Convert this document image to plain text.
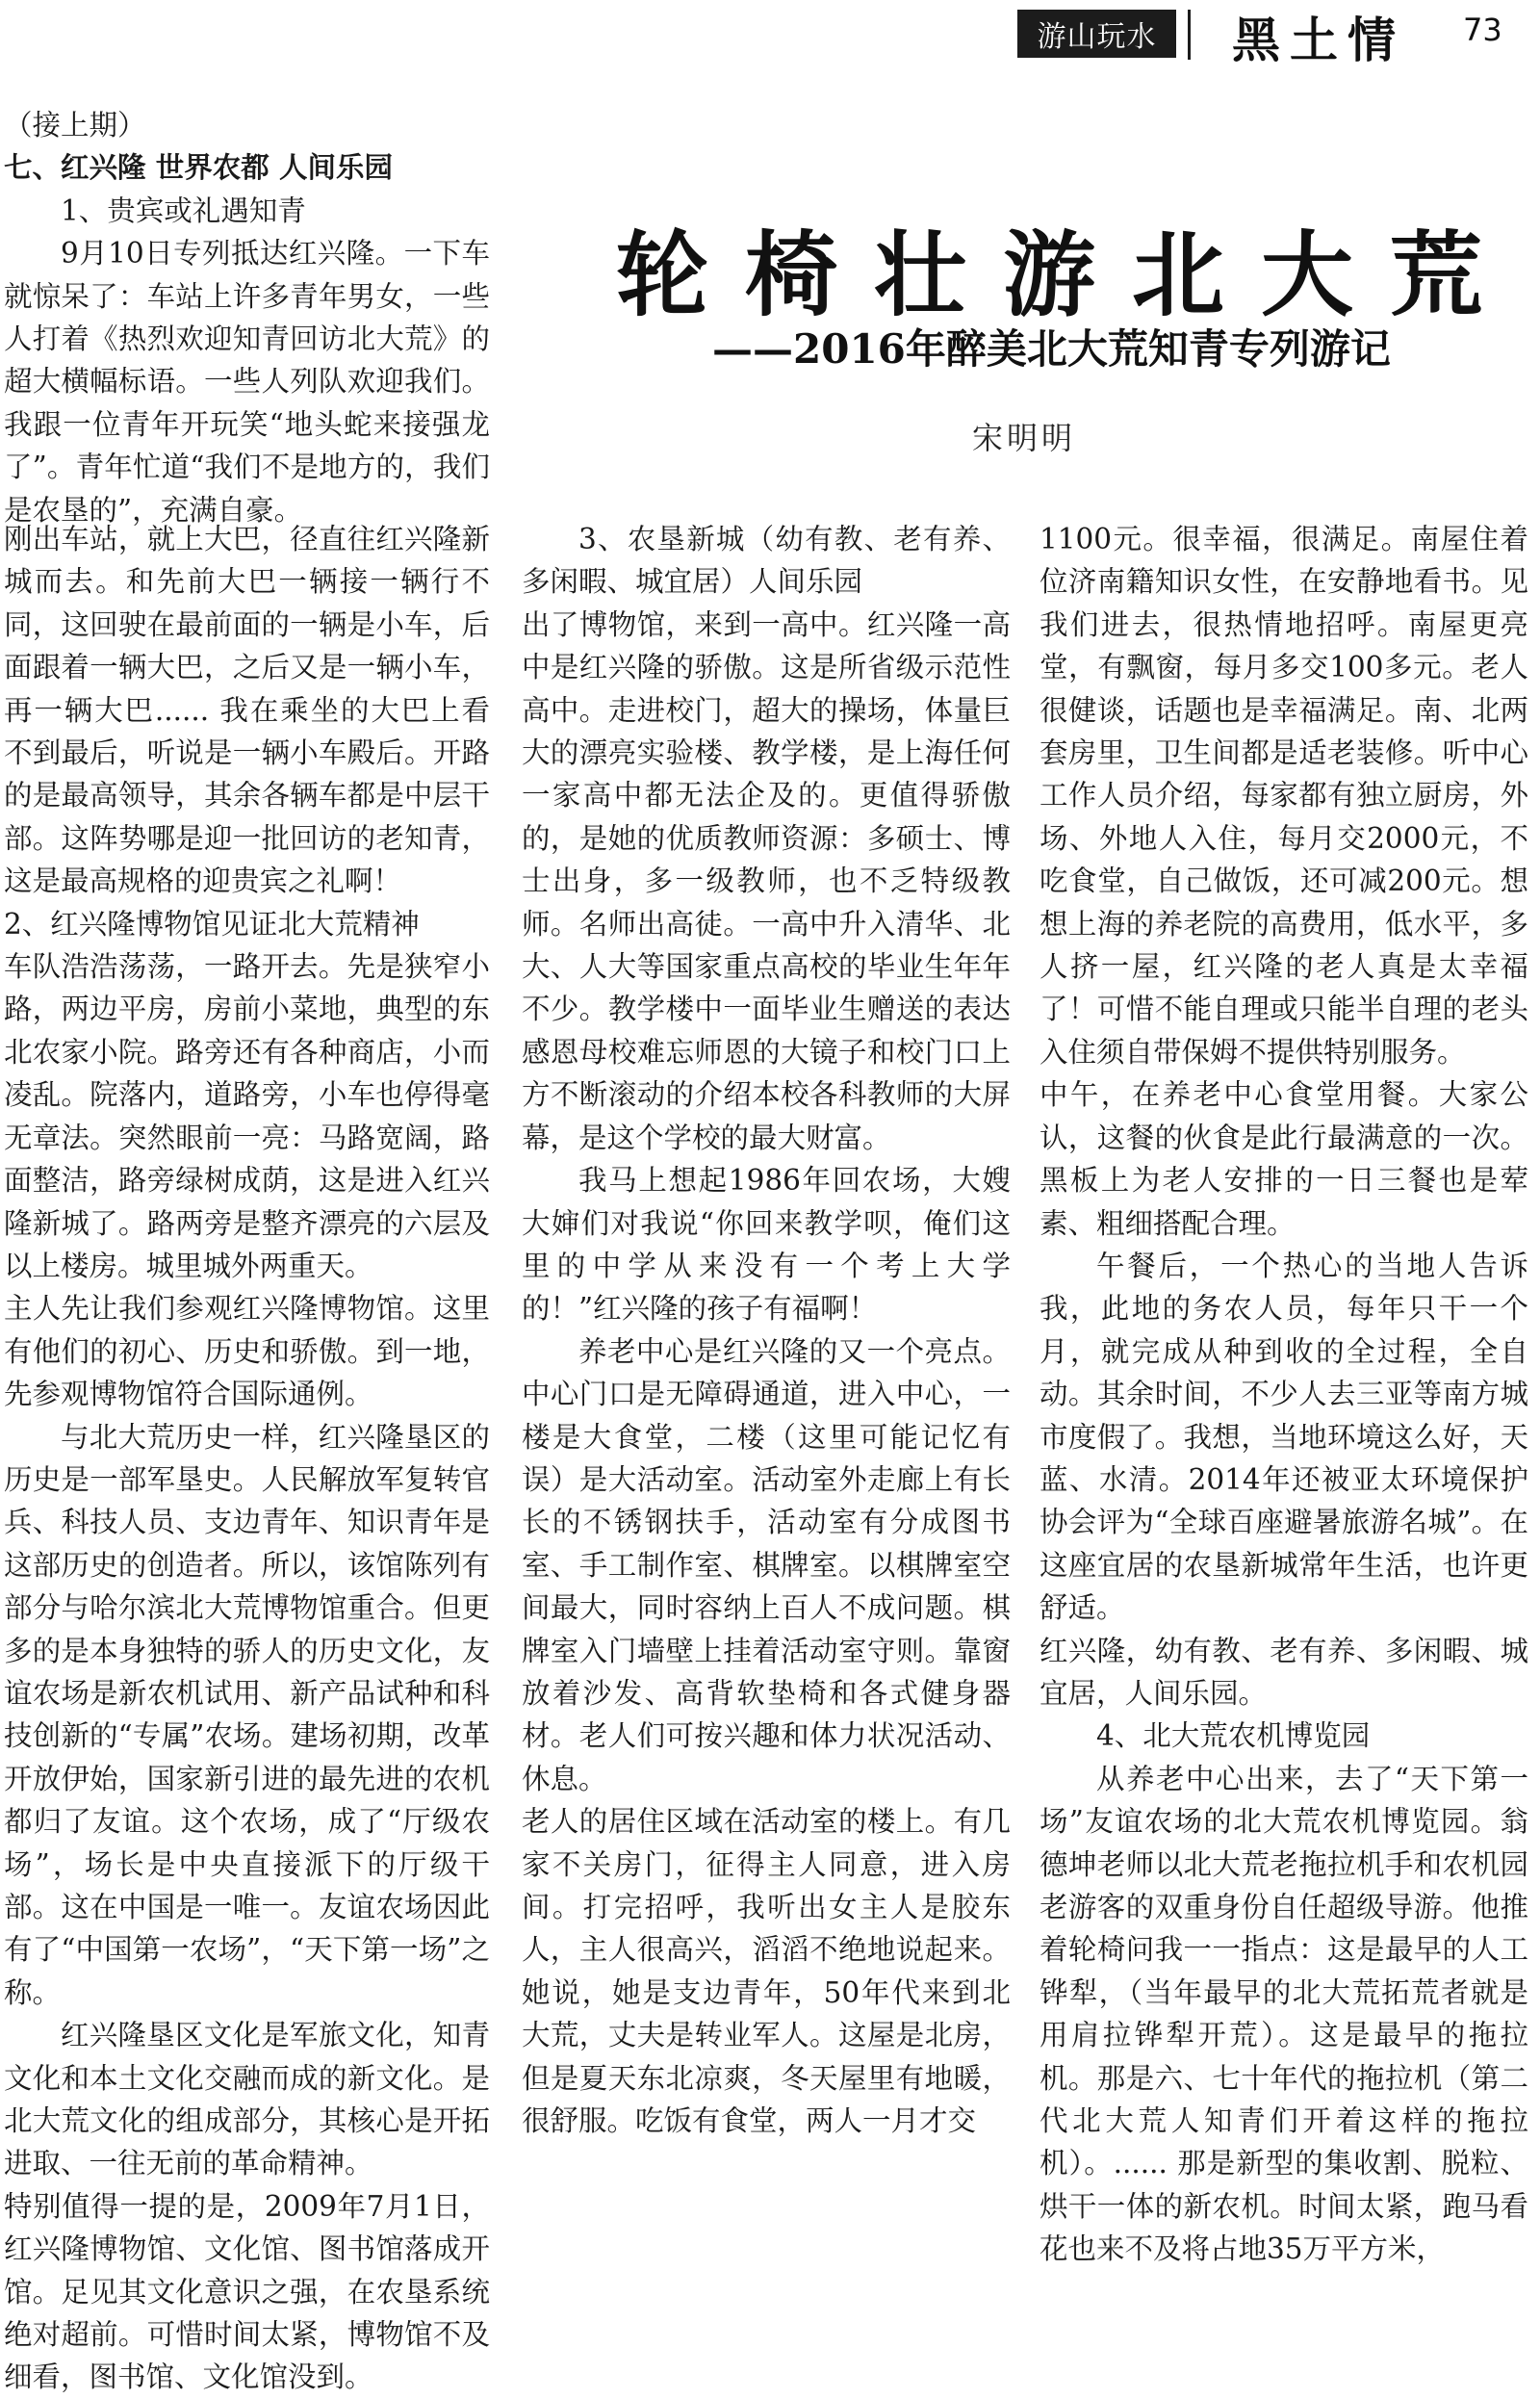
游山玩水	黑土情 73
轮椅壮游北大荒
——2016年醉美北大荒知青专列游记
宋明明

（接上期）

七、红兴隆 世界农都 人间乐园

1、贵宾或礼遇知青

9月10日专列抵达红兴隆。一下车就惊呆了：车站上许多青年男女，一些人打着《热烈欢迎知青回访北大荒》的超大横幅标语。一些人列队欢迎我们。我跟一位青年开玩笑“地头蛇来接强龙了”。青年忙道“我们不是地方的，我们是农垦的”，充满自豪。

刚出车站，就上大巴，径直往红兴隆新城而去。和先前大巴一辆接一辆行不同，这回驶在最前面的一辆是小车，后面跟着一辆大巴，之后又是一辆小车，再一辆大巴...... 我在乘坐的大巴上看不到最后，听说是一辆小车殿后。开路的是最高领导，其余各辆车都是中层干部。这阵势哪是迎一批回访的老知青，这是最高规格的迎贵宾之礼啊！

2、红兴隆博物馆见证北大荒精神

车队浩浩荡荡，一路开去。先是狭窄小路，两边平房，房前小菜地，典型的东北农家小院。路旁还有各种商店，小而凌乱。院落内，道路旁，小车也停得毫无章法。突然眼前一亮：马路宽阔，路面整洁，路旁绿树成荫，这是进入红兴隆新城了。路两旁是整齐漂亮的六层及以上楼房。城里城外两重天。

主人先让我们参观红兴隆博物馆。这里有他们的初心、历史和骄傲。到一地，先参观博物馆符合国际通例。

与北大荒历史一样，红兴隆垦区的历史是一部军垦史。人民解放军复转官兵、科技人员、支边青年、知识青年是这部历史的创造者。所以，该馆陈列有部分与哈尔滨北大荒博物馆重合。但更多的是本身独特的骄人的历史文化，友谊农场是新农机试用、新产品试种和科技创新的“专属”农场。建场初期，改革开放伊始，国家新引进的最先进的农机都归了友谊。这个农场，成了“厅级农场”，场长是中央直接派下的厅级干部。这在中国是一唯一。友谊农场因此有了“中国第一农场”，“天下第一场”之称。

红兴隆垦区文化是军旅文化，知青文化和本土文化交融而成的新文化。是北大荒文化的组成部分，其核心是开拓进取、一往无前的革命精神。

特别值得一提的是，2009年7月1日，红兴隆博物馆、文化馆、图书馆落成开馆。足见其文化意识之强，在农垦系统绝对超前。可惜时间太紧，博物馆不及细看，图书馆、文化馆没到。

3、农垦新城（幼有教、老有养、多闲暇、城宜居）人间乐园

出了博物馆，来到一高中。红兴隆一高中是红兴隆的骄傲。这是所省级示范性高中。走进校门，超大的操场，体量巨大的漂亮实验楼、教学楼，是上海任何一家高中都无法企及的。更值得骄傲的，是她的优质教师资源：多硕士、博士出身，多一级教师，也不乏特级教师。名师出高徒。一高中升入清华、北大、人大等国家重点高校的毕业生年年不少。教学楼中一面毕业生赠送的表达感恩母校难忘师恩的大镜子和校门口上方不断滚动的介绍本校各科教师的大屏幕，是这个学校的最大财富。

我马上想起1986年回农场，大嫂大婶们对我说“你回来教学呗，俺们这里的中学从来没有一个考上大学的！”红兴隆的孩子有福啊！

养老中心是红兴隆的又一个亮点。中心门口是无障碍通道，进入中心，一楼是大食堂，二楼（这里可能记忆有误）是大活动室。活动室外走廊上有长长的不锈钢扶手，活动室有分成图书室、手工制作室、棋牌室。以棋牌室空间最大，同时容纳上百人不成问题。棋牌室入门墙壁上挂着活动室守则。靠窗放着沙发、高背软垫椅和各式健身器材。老人们可按兴趣和体力状况活动、休息。

老人的居住区域在活动室的楼上。有几家不关房门，征得主人同意，进入房间。打完招呼，我听出女主人是胶东人，主人很高兴，滔滔不绝地说起来。她说，她是支边青年，50年代来到北大荒，丈夫是转业军人。这屋是北房，但是夏天东北凉爽，冬天屋里有地暖，很舒服。吃饭有食堂，两人一月才交

1100元。很幸福，很满足。南屋住着位济南籍知识女性，在安静地看书。见我们进去，很热情地招呼。南屋更亮堂，有飘窗，每月多交100多元。老人很健谈，话题也是幸福满足。南、北两套房里，卫生间都是适老装修。听中心工作人员介绍，每家都有独立厨房，外场、外地人入住，每月交2000元，不吃食堂，自己做饭，还可减200元。想想上海的养老院的高费用，低水平，多人挤一屋，红兴隆的老人真是太幸福了！可惜不能自理或只能半自理的老头入住须自带保姆不提供特别服务。

中午，在养老中心食堂用餐。大家公认，这餐的伙食是此行最满意的一次。黑板上为老人安排的一日三餐也是荤素、粗细搭配合理。

午餐后，一个热心的当地人告诉我，此地的务农人员，每年只干一个月，就完成从种到收的全过程，全自动。其余时间，不少人去三亚等南方城市度假了。我想，当地环境这么好，天蓝、水清。2014年还被亚太环境保护协会评为“全球百座避暑旅游名城”。在这座宜居的农垦新城常年生活，也许更舒适。

红兴隆，幼有教、老有养、多闲暇、城宜居，人间乐园。

4、北大荒农机博览园

从养老中心出来，去了“天下第一场”友谊农场的北大荒农机博览园。翁德坤老师以北大荒老拖拉机手和农机园老游客的双重身份自任超级导游。他推着轮椅问我一一指点：这是最早的人工铧犁，（当年最早的北大荒拓荒者就是用肩拉铧犁开荒）。这是最早的拖拉机。那是六、七十年代的拖拉机（第二代北大荒人知青们开着这样的拖拉机）。...... 那是新型的集收割、脱粒、烘干一体的新农机。时间太紧，跑马看花也来不及将占地35万平方米，
